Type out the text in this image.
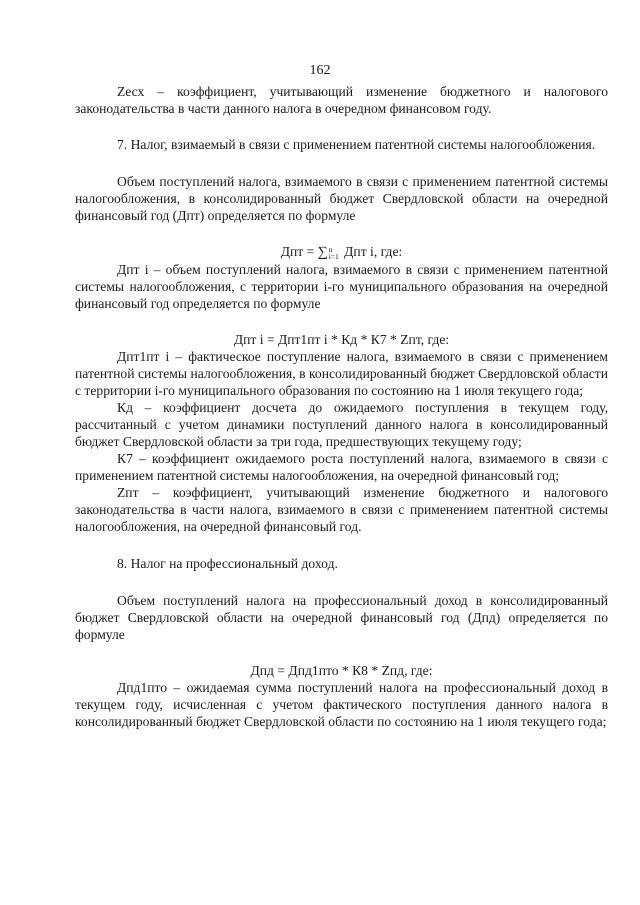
162

Zесх – коэффициент, учитывающий изменение бюджетного и налогового законодательства в части данного налога в очередном финансовом году.

7. Налог, взимаемый в связи с применением патентной системы налогообложения.

Объем поступлений налога, взимаемого в связи с применением патентной системы налогообложения, в консолидированный бюджет Свердловской области на очередной финансовый год (Дпт) определяется по формуле

Дпт = ∑ n
i=1 Дпт i, где:

Дпт i – объем поступлений налога, взимаемого в связи с применением патентной системы налогообложения, с территории i-го муниципального образования на очередной финансовый год определяется по формуле

Дпт i = Дпт1пт i * Кд * К7 * Zпт, где:

Дпт1пт i – фактическое поступление налога, взимаемого в связи с применением патентной системы налогообложения, в консолидированный бюджет Свердловской области с территории i-го муниципального образования по состоянию на 1 июля текущего года;

Кд – коэффициент досчета до ожидаемого поступления в текущем году, рассчитанный с учетом динамики поступлений данного налога в консолидированный бюджет Свердловской области за три года, предшествующих текущему году;

К7 – коэффициент ожидаемого роста поступлений налога, взимаемого в связи с применением патентной системы налогообложения, на очередной финансовый год;

Zпт – коэффициент, учитывающий изменение бюджетного и налогового законодательства в части налога, взимаемого в связи с применением патентной системы налогообложения, на очередной финансовый год.

8. Налог на профессиональный доход.

Объем поступлений налога на профессиональный доход в консолидированный бюджет Свердловской области на очередной финансовый год (Дпд) определяется по формуле

Дпд = Дпд1пто * К8 * Zпд, где:

Дпд1пто – ожидаемая сумма поступлений налога на профессиональный доход в текущем году, исчисленная с учетом фактического поступления данного налога в консолидированный бюджет Свердловской области по состоянию на 1 июля текущего года;
